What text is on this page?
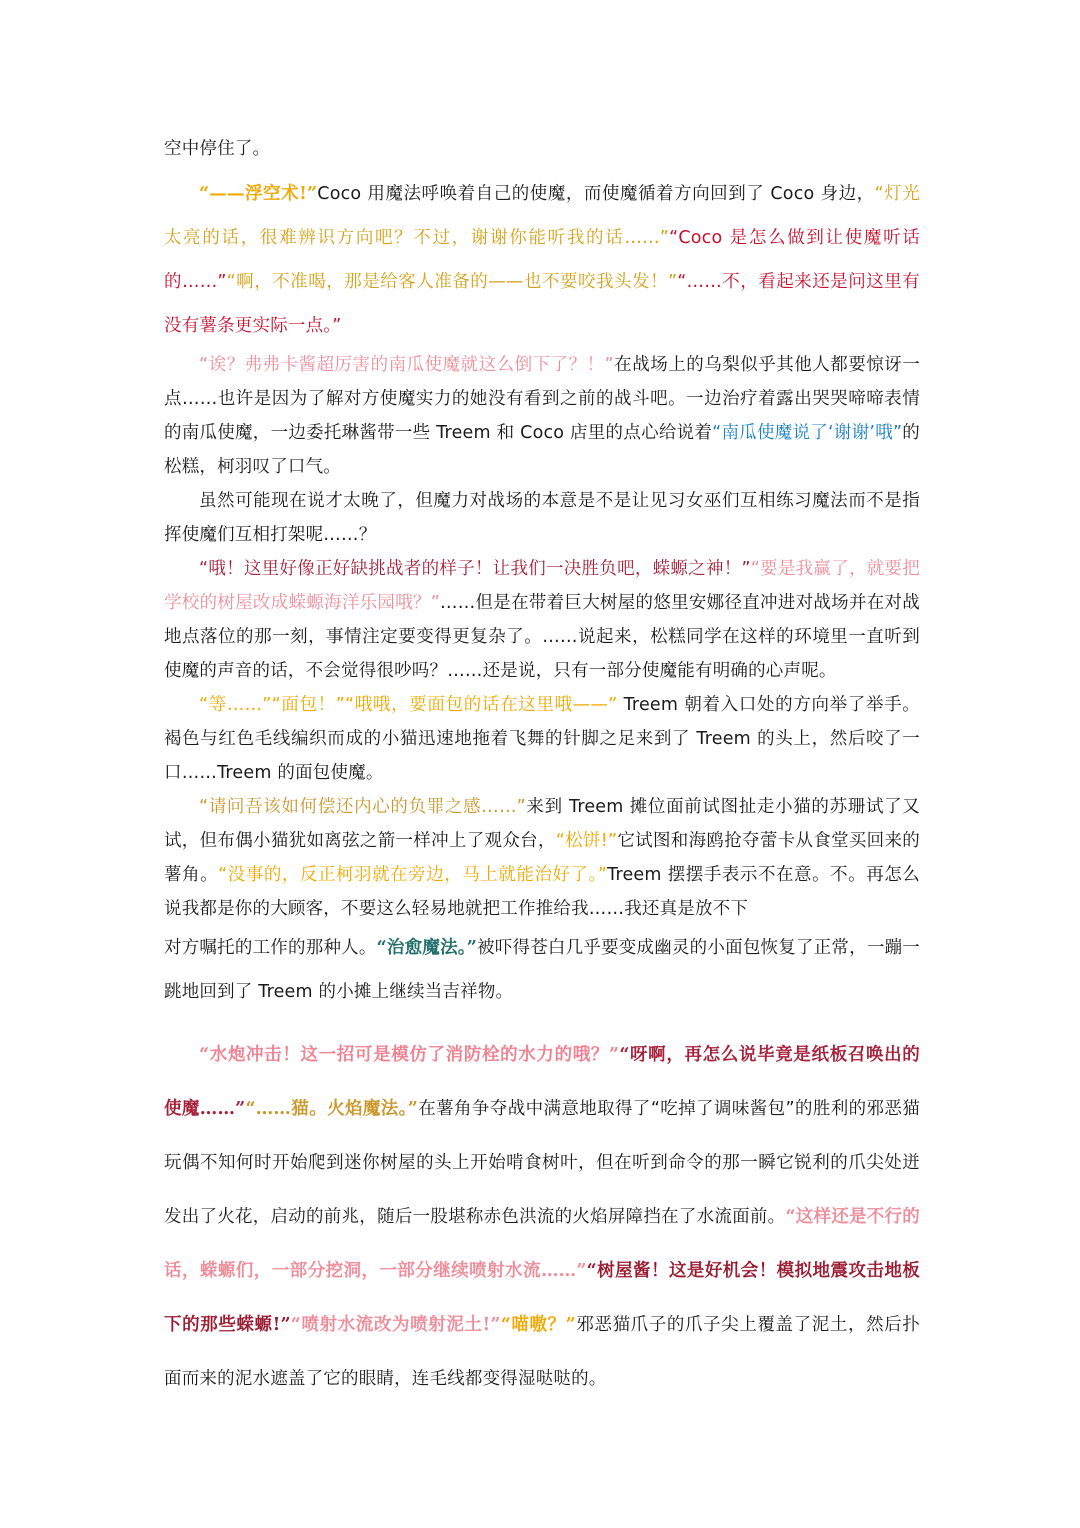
空中停住了。

“——浮空术!”Coco 用魔法呼唤着自己的使魔，而使魔循着方向回到了 Coco 身边，“灯光太亮的话，很难辨识方向吧？不过，谢谢你能听我的话……”“Coco 是怎么做到让使魔听话的……”“啊，不准喝，那是给客人准备的——也不要咬我头发！”“……不，看起来还是问这里有没有薯条更实际一点。”

“诶？弗弗卡酱超厉害的南瓜使魔就这么倒下了？！”在战场上的乌梨似乎其他人都要惊讶一点……也许是因为了解对方使魔实力的她没有看到之前的战斗吧。一边治疗着露出哭哭啼啼表情的南瓜使魔，一边委托琳酱带一些 Treem 和 Coco 店里的点心给说着“南瓜使魔说了‘谢谢’哦”的松糕，柯羽叹了口气。

虽然可能现在说才太晚了，但魔力对战场的本意是不是让见习女巫们互相练习魔法而不是指挥使魔们互相打架呢……？

“哦！这里好像正好缺挑战者的样子！让我们一决胜负吧，蝾螈之神！”“要是我赢了，就要把学校的树屋改成蝾螈海洋乐园哦？”……但是在带着巨大树屋的悠里安娜径直冲进对战场并在对战地点落位的那一刻，事情注定要变得更复杂了。……说起来，松糕同学在这样的环境里一直听到使魔的声音的话，不会觉得很吵吗？……还是说，只有一部分使魔能有明确的心声呢。

“等……”“面包！”“哦哦，要面包的话在这里哦——” Treem 朝着入口处的方向举了举手。褐色与红色毛线编织而成的小猫迅速地拖着飞舞的针脚之足来到了 Treem 的头上，然后咬了一口……Treem 的面包使魔。

“请问吾该如何偿还内心的负罪之感……”来到 Treem 摊位面前试图扯走小猫的苏珊试了又试，但布偶小猫犹如离弦之箭一样冲上了观众台，“松饼!”它试图和海鸥抢夺蕾卡从食堂买回来的薯角。“没事的，反正柯羽就在旁边，马上就能治好了。”Treem 摆摆手表示不在意。不。再怎么说我都是你的大顾客，不要这么轻易地就把工作推给我……我还真是放不下

对方嘱托的工作的那种人。“治愈魔法。”被吓得苍白几乎要变成幽灵的小面包恢复了正常，一蹦一跳地回到了 Treem 的小摊上继续当吉祥物。

“水炮冲击！这一招可是模仿了消防栓的水力的哦？”“呀啊，再怎么说毕竟是纸板召唤出的使魔……”“……猫。火焰魔法。”在薯角争夺战中满意地取得了“吃掉了调味酱包”的胜利的邪恶猫玩偶不知何时开始爬到迷你树屋的头上开始啃食树叶，但在听到命令的那一瞬它锐利的爪尖处迸发出了火花，启动的前兆，随后一股堪称赤色洪流的火焰屏障挡在了水流面前。“这样还是不行的话，蝾螈们，一部分挖洞，一部分继续喷射水流……”“树屋酱！这是好机会！模拟地震攻击地板下的那些蝾螈!”“喷射水流改为喷射泥土!”“喵嗷？”邪恶猫爪子的爪子尖上覆盖了泥土，然后扑面而来的泥水遮盖了它的眼睛，连毛线都变得湿哒哒的。
